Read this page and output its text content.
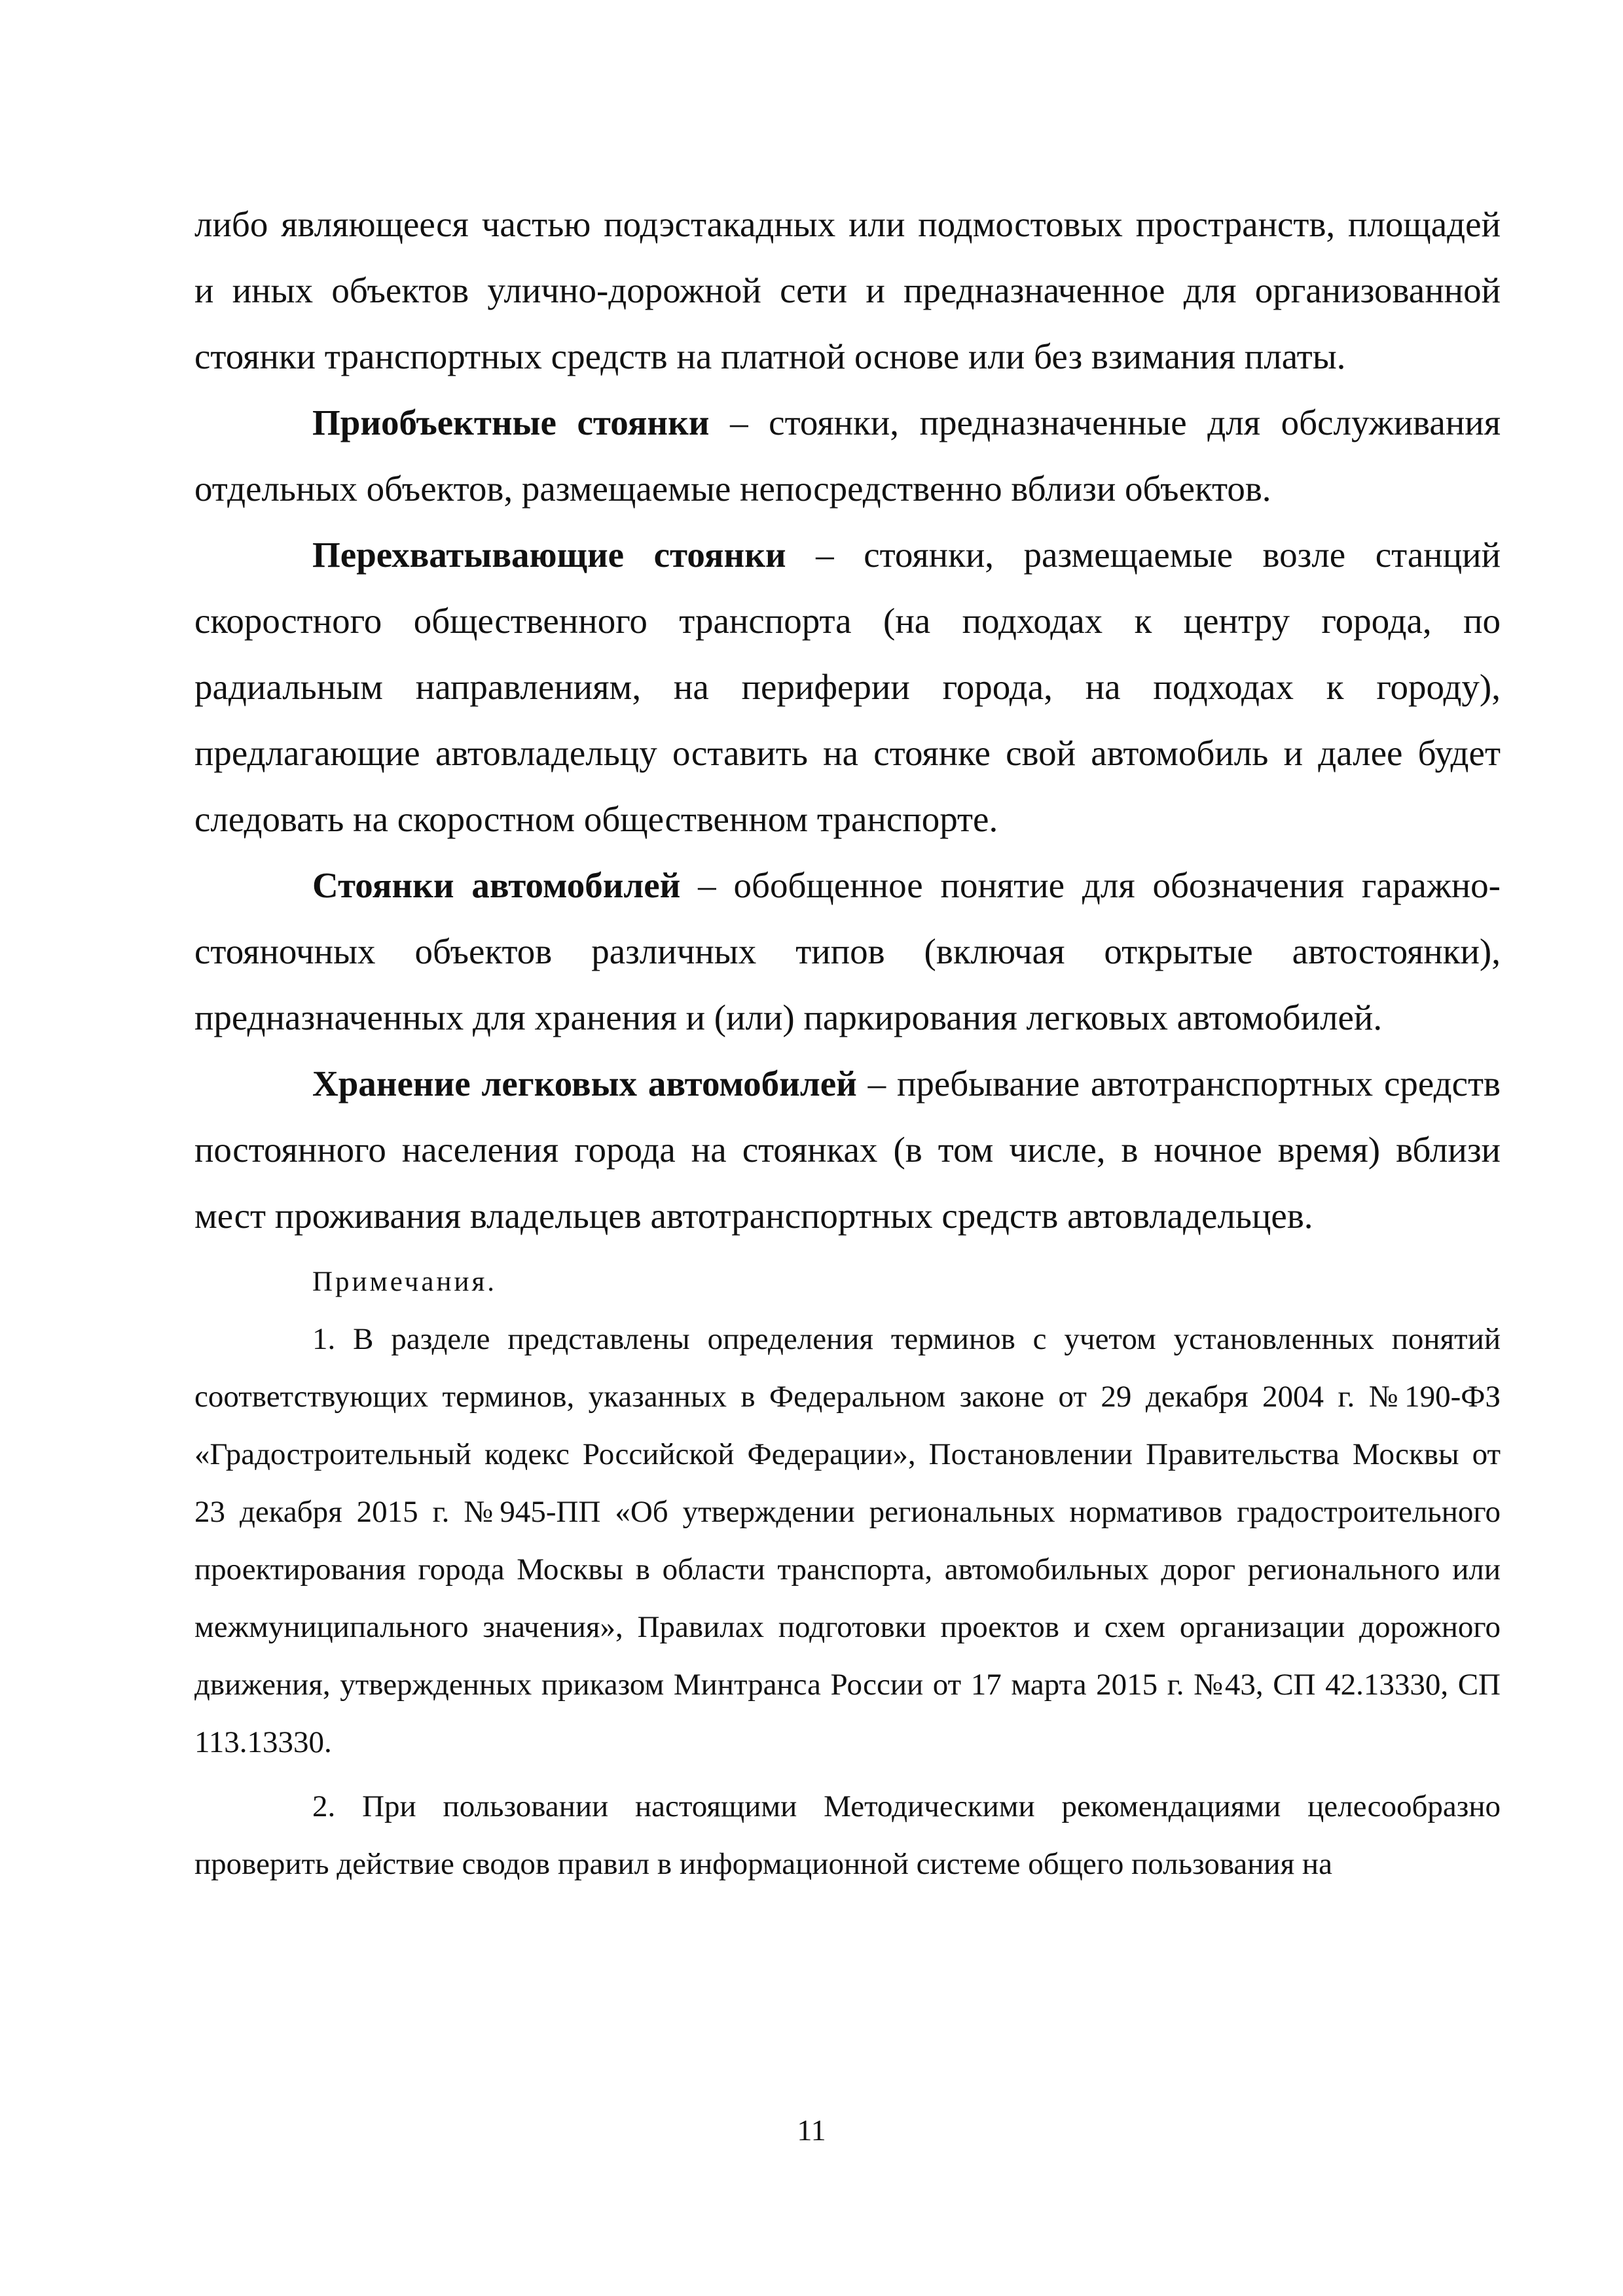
либо являющееся частью подэстакадных или подмостовых пространств, площадей и иных объектов улично-дорожной сети и предназначенное для организованной стоянки транспортных средств на платной основе или без взимания платы.

Приобъектные стоянки – стоянки, предназначенные для обслуживания отдельных объектов, размещаемые непосредственно вблизи объектов.

Перехватывающие стоянки – стоянки, размещаемые возле станций скоростного общественного транспорта (на подходах к центру города, по радиальным направлениям, на периферии города, на подходах к городу), предлагающие автовладельцу оставить на стоянке свой автомобиль и далее будет следовать на скоростном общественном транспорте.

Стоянки автомобилей – обобщенное понятие для обозначения гаражно-стояночных объектов различных типов (включая открытые автостоянки), предназначенных для хранения и (или) паркирования легковых автомобилей.

Хранение легковых автомобилей – пребывание автотранспортных средств постоянного населения города на стоянках (в том числе, в ночное время) вблизи мест проживания владельцев автотранспортных средств автовладельцев.

Примечания.

1. В разделе представлены определения терминов с учетом установленных понятий соответствующих терминов, указанных в Федеральном законе от 29 декабря 2004 г. №190-ФЗ «Градостроительный кодекс Российской Федерации», Постановлении Правительства Москвы от 23 декабря 2015 г. №945-ПП «Об утверждении региональных нормативов градостроительного проектирования города Москвы в области транспорта, автомобильных дорог регионального или межмуниципального значения», Правилах подготовки проектов и схем организации дорожного движения, утвержденных приказом Минтранса России от 17 марта 2015 г. №43, СП 42.13330, СП 113.13330.

2. При пользовании настоящими Методическими рекомендациями целесообразно проверить действие сводов правил в информационной системе общего пользования на

11
